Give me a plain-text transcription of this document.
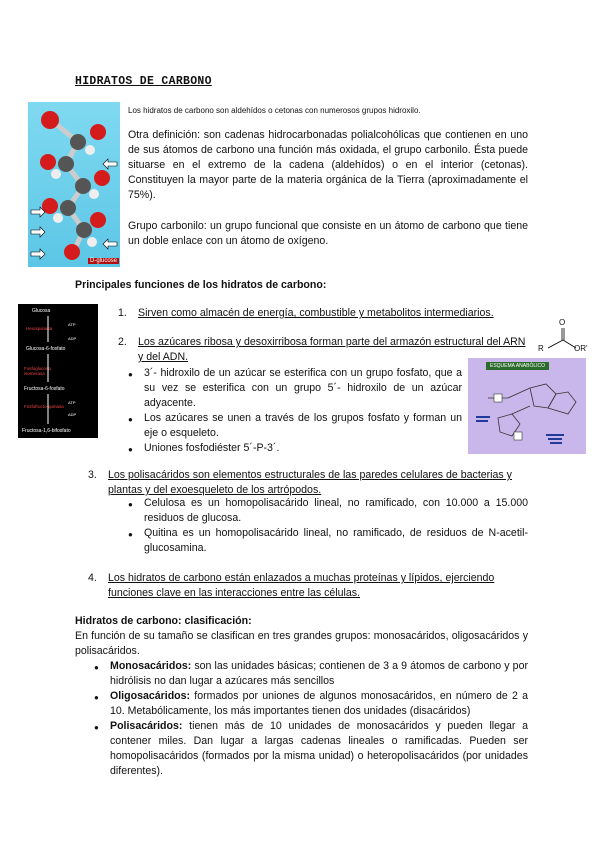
HIDRATOS DE CARBONO
D-glucose
Los hidratos de carbono son aldehídos o cetonas con numerosos grupos hidroxilo.
Otra definición: son cadenas hidrocarbonadas polialcohólicas que contienen en uno de sus átomos de carbono una función más oxidada, el grupo carbonilo. Ésta puede situarse en el extremo de la cadena (aldehídos) o en el interior (cetonas). Constituyen la mayor parte de la materia orgánica de la Tierra (aproximadamente el 75%).
Grupo carbonilo: un grupo funcional que consiste en un átomo de carbono que tiene un doble enlace con un átomo de oxígeno.
Principales funciones de los hidratos de carbono:
Glucosa
Hexoquinasa
Glucosa-6-fosfato
Fosfoglucosa isomerasa
Fructosa-6-fosfato
Fosfofructo-quinasa
Fructosa-1,6-bifosfato
ATP
ADP
ATP
ADP
O
R	OR'
ESQUEMA ANABÓLICO
1. Sirven como almacén de energía, combustible y metabolitos intermediarios.
2. Los azúcares ribosa y desoxirribosa forman parte del armazón estructural del ARN y del ADN.
● 3´- hidroxilo de un azúcar se esterifica con un grupo fosfato, que a su vez se esterifica con un grupo 5´- hidroxilo de un azúcar adyacente.
● Los azúcares se unen a través de los grupos fosfato y forman un eje o esqueleto.
● Uniones fosfodiéster 5´-P-3´.
3. Los polisacáridos son elementos estructurales de las paredes celulares de bacterias y plantas y del exoesqueleto de los artrópodos.
● Celulosa es un homopolisacárido lineal, no ramificado, con 10.000 a 15.000 residuos de glucosa.
● Quitina es un homopolisacárido lineal, no ramificado, de residuos de N-acetil-glucosamina.
4. Los hidratos de carbono están enlazados a muchas proteínas y lípidos, ejerciendo funciones clave en las interacciones entre las células.
Hidratos de carbono: clasificación:
En función de su tamaño se clasifican en tres grandes grupos: monosacáridos, oligosacáridos y polisacáridos.
● Monosacáridos: son las unidades básicas; contienen de 3 a 9 átomos de carbono y por hidrólisis no dan lugar a azúcares más sencillos
● Oligosacáridos: formados por uniones de algunos monosacáridos, en número de 2 a 10. Metabólicamente, los más importantes tienen dos unidades (disacáridos)
● Polisacáridos: tienen más de 10 unidades de monosacáridos y pueden llegar a contener miles. Dan lugar a largas cadenas lineales o ramificadas. Pueden ser homopolisacáridos (formados por la misma unidad) o heteropolisacáridos (por unidades diferentes).
